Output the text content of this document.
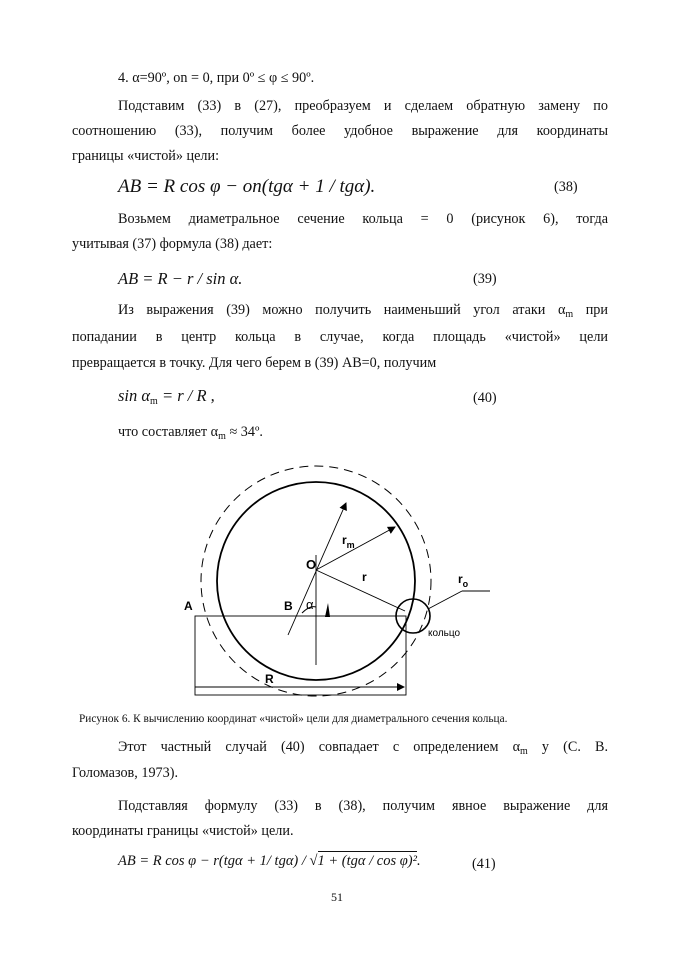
4. α=90º, on = 0, при 0º ≤ φ ≤ 90º.
Подставим (33) в (27), преобразуем и сделаем обратную замену по
соотношению (33), получим более удобное выражение для координаты
границы «чистой» цели:
AB = R cos φ − on(tgα + 1 / tgα).	(38)
Возьмем диаметральное сечение кольца = 0 (рисунок 6), тогда
учитывая (37) формула (38) дает:
AB = R − r / sin α.	(39)
Из выражения (39) можно получить наименьший угол атаки $\alpha_m$ при
попадании в центр кольца в случае, когда площадь «чистой» цели
превращается в точку. Для чего берем в (39) АВ=0, получим
$\sin \alpha_m = r / R$ ,	(40)
что составляет $\alpha_m$ ≈ 34º.
O
A	B α
r
$r_m$
$r_o$
кольцо
R
Рисунок 6. К вычислению координат «чистой» цели для диаметрального сечения кольца.
Этот частный случай (40) совпадает с определением $\alpha_m$ у (С. В.
Голомазов, 1973).
Подставляя формулу (33) в (38), получим явное выражение для
координаты границы «чистой» цели.
AB = R cos φ − r(tgα + 1/ tgα) / √1 + (tgα / cos φ)².	(41)
51
